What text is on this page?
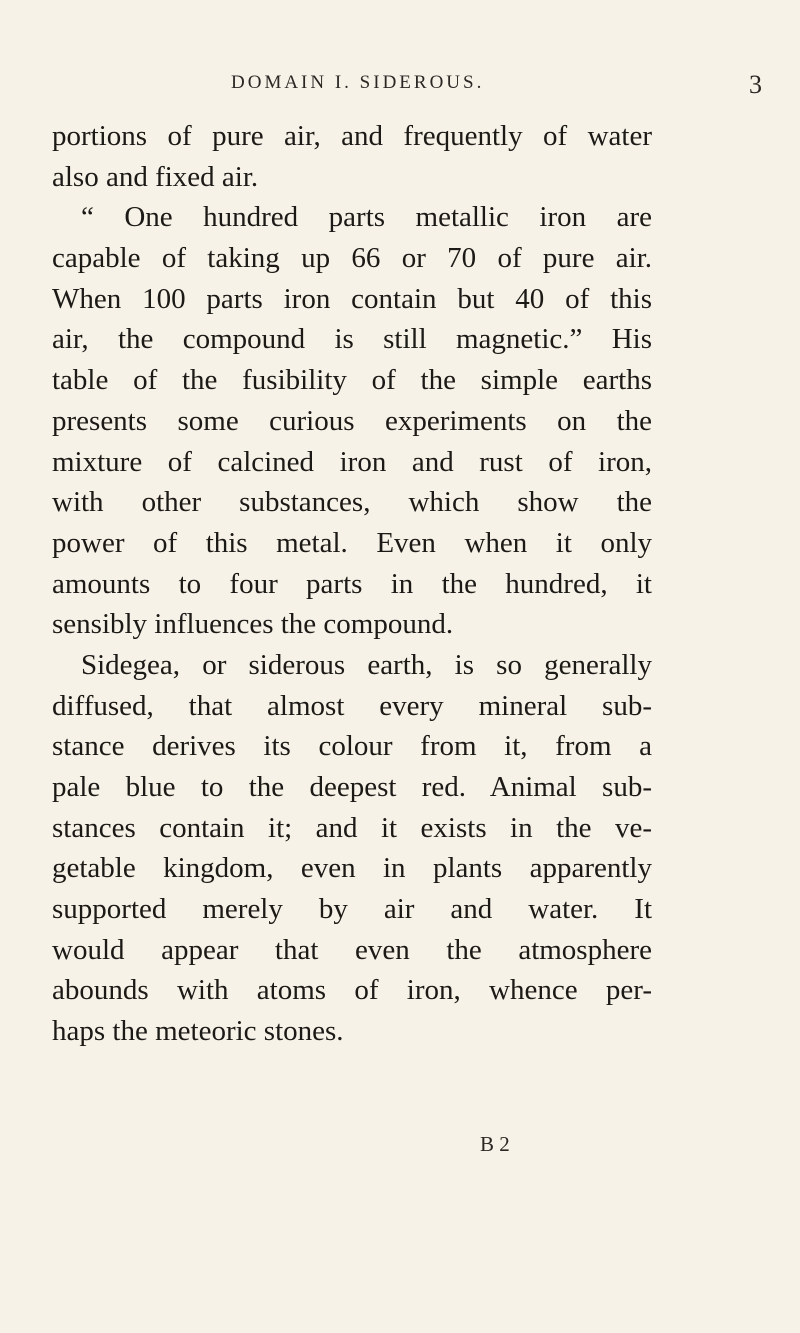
DOMAIN I. SIDEROUS.	3
portions of pure air, and frequently of water
also and fixed air.
“ One hundred parts metallic iron are
capable of taking up 66 or 70 of pure air.
When 100 parts iron contain but 40 of this
air, the compound is still magnetic.” His
table of the fusibility of the simple earths
presents some curious experiments on the
mixture of calcined iron and rust of iron,
with other substances, which show the
power of this metal. Even when it only
amounts to four parts in the hundred, it
sensibly influences the compound.
Sidegea, or siderous earth, is so generally
diffused, that almost every mineral sub-
stance derives its colour from it, from a
pale blue to the deepest red. Animal sub-
stances contain it; and it exists in the ve-
getable kingdom, even in plants apparently
supported merely by air and water. It
would appear that even the atmosphere
abounds with atoms of iron, whence per-
haps the meteoric stones.
B 2
